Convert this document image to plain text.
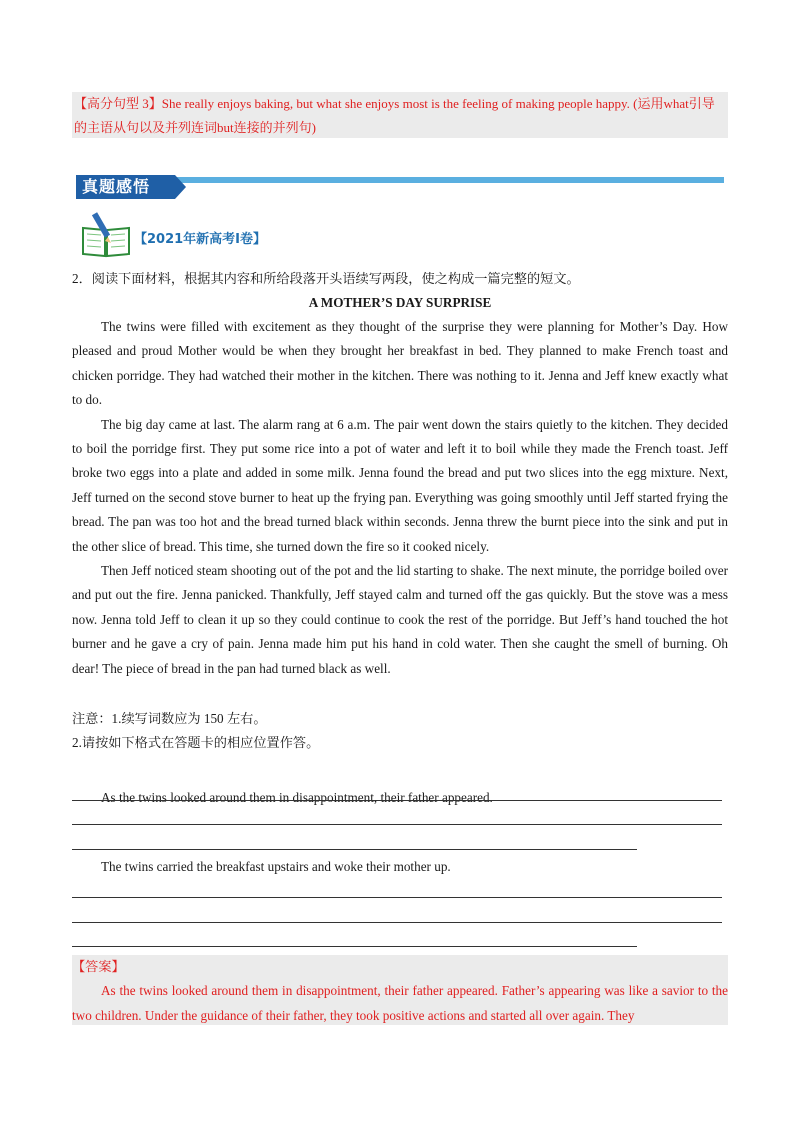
【高分句型 3】She really enjoys baking, but what she enjoys most is the feeling of making people happy. (运用what引导的主语从句以及并列连词but连接的并列句)
真题感悟
【2021年新高考I卷】
2．阅读下面材料，根据其内容和所给段落开头语续写两段，使之构成一篇完整的短文。
A MOTHER’S DAY SURPRISE

The twins were filled with excitement as they thought of the surprise they were planning for Mother’s Day. How pleased and proud Mother would be when they brought her breakfast in bed. They planned to make French toast and chicken porridge. They had watched their mother in the kitchen. There was nothing to it. Jenna and Jeff knew exactly what to do.

The big day came at last. The alarm rang at 6 a.m. The pair went down the stairs quietly to the kitchen. They decided to boil the porridge first. They put some rice into a pot of water and left it to boil while they made the French toast. Jeff broke two eggs into a plate and added in some milk. Jenna found the bread and put two slices into the egg mixture. Next, Jeff turned on the second stove burner to heat up the frying pan. Everything was going smoothly until Jeff started frying the bread. The pan was too hot and the bread turned black within seconds. Jenna threw the burnt piece into the sink and put in the other slice of bread. This time, she turned down the fire so it cooked nicely.

Then Jeff noticed steam shooting out of the pot and the lid starting to shake. The next minute, the porridge boiled over and put out the fire. Jenna panicked. Thankfully, Jeff stayed calm and turned off the gas quickly. But the stove was a mess now. Jenna told Jeff to clean it up so they could continue to cook the rest of the porridge. But Jeff’s hand touched the hot burner and he gave a cry of pain. Jenna made him put his hand in cold water. Then she caught the smell of burning. Oh dear! The piece of bread in the pan had turned black as well.

注意：1.续写词数应为 150 左右。

2.请按如下格式在答题卡的相应位置作答。

As the twins looked around them in disappointment, their father appeared.
The twins carried the breakfast upstairs and woke their mother up.
【答案】
As the twins looked around them in disappointment, their father appeared. Father’s appearing was like a savior to the two children. Under the guidance of their father, they took positive actions and started all over again. They
